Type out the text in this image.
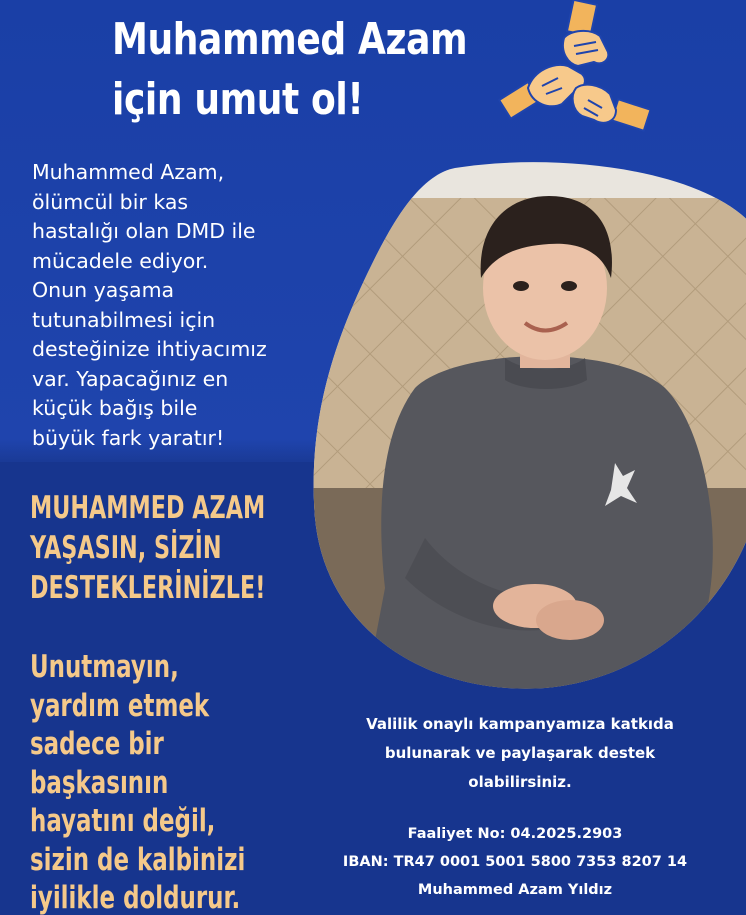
Muhammed Azam
için umut ol!

Muhammed Azam,
ölümcül bir kas
hastalığı olan DMD ile
mücadele ediyor.
Onun yaşama
tutunabilmesi için
desteğinize ihtiyacımız
var. Yapacağınız en
küçük bağış bile
büyük fark yaratır!

MUHAMMED AZAM
YAŞASIN, SİZİN
DESTEKLERİNİZLE!

Unutmayın,
yardım etmek
sadece bir
başkasının
hayatını değil,
sizin de kalbinizi
iyilikle doldurur.

Valilik onaylı kampanyamıza katkıda
bulunarak ve paylaşarak destek
olabilirsiniz.

Faaliyet No: 04.2025.2903
IBAN: TR47 0001 5001 5800 7353 8207 14
Muhammed Azam Yıldız
